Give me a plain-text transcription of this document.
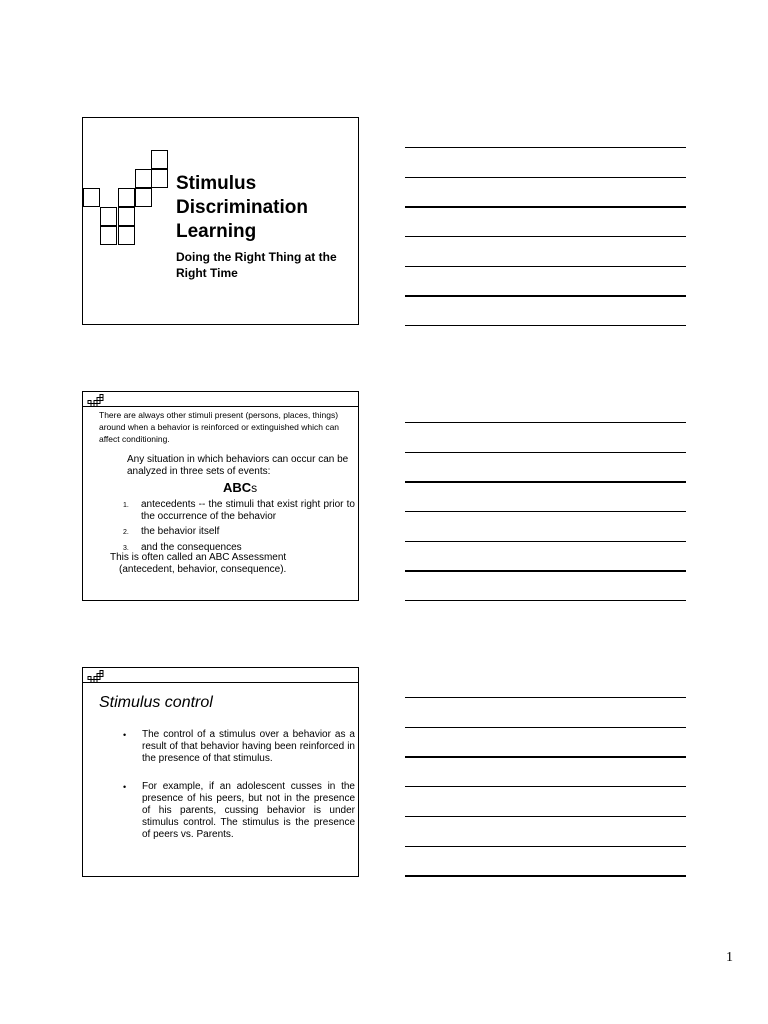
Stimulus
Discrimination
Learning
Doing the Right Thing at the Right Time
There are always other stimuli present (persons, places, things) around when a behavior is reinforced or extinguished which can affect conditioning.
Any situation in which behaviors can occur can be analyzed in three sets of events:
ABCs
1. antecedents -- the stimuli that exist right prior to the occurrence of the behavior
2. the behavior itself
3. and the consequences
This is often called an ABC Assessment
(antecedent, behavior, consequence).
Stimulus control
• The control of a stimulus over a behavior as a result of that behavior having been reinforced in the presence of that stimulus.
• For example, if an adolescent cusses in the presence of his peers, but not in the presence of his parents, cussing behavior is under stimulus control. The stimulus is the presence of peers vs. Parents.
1
